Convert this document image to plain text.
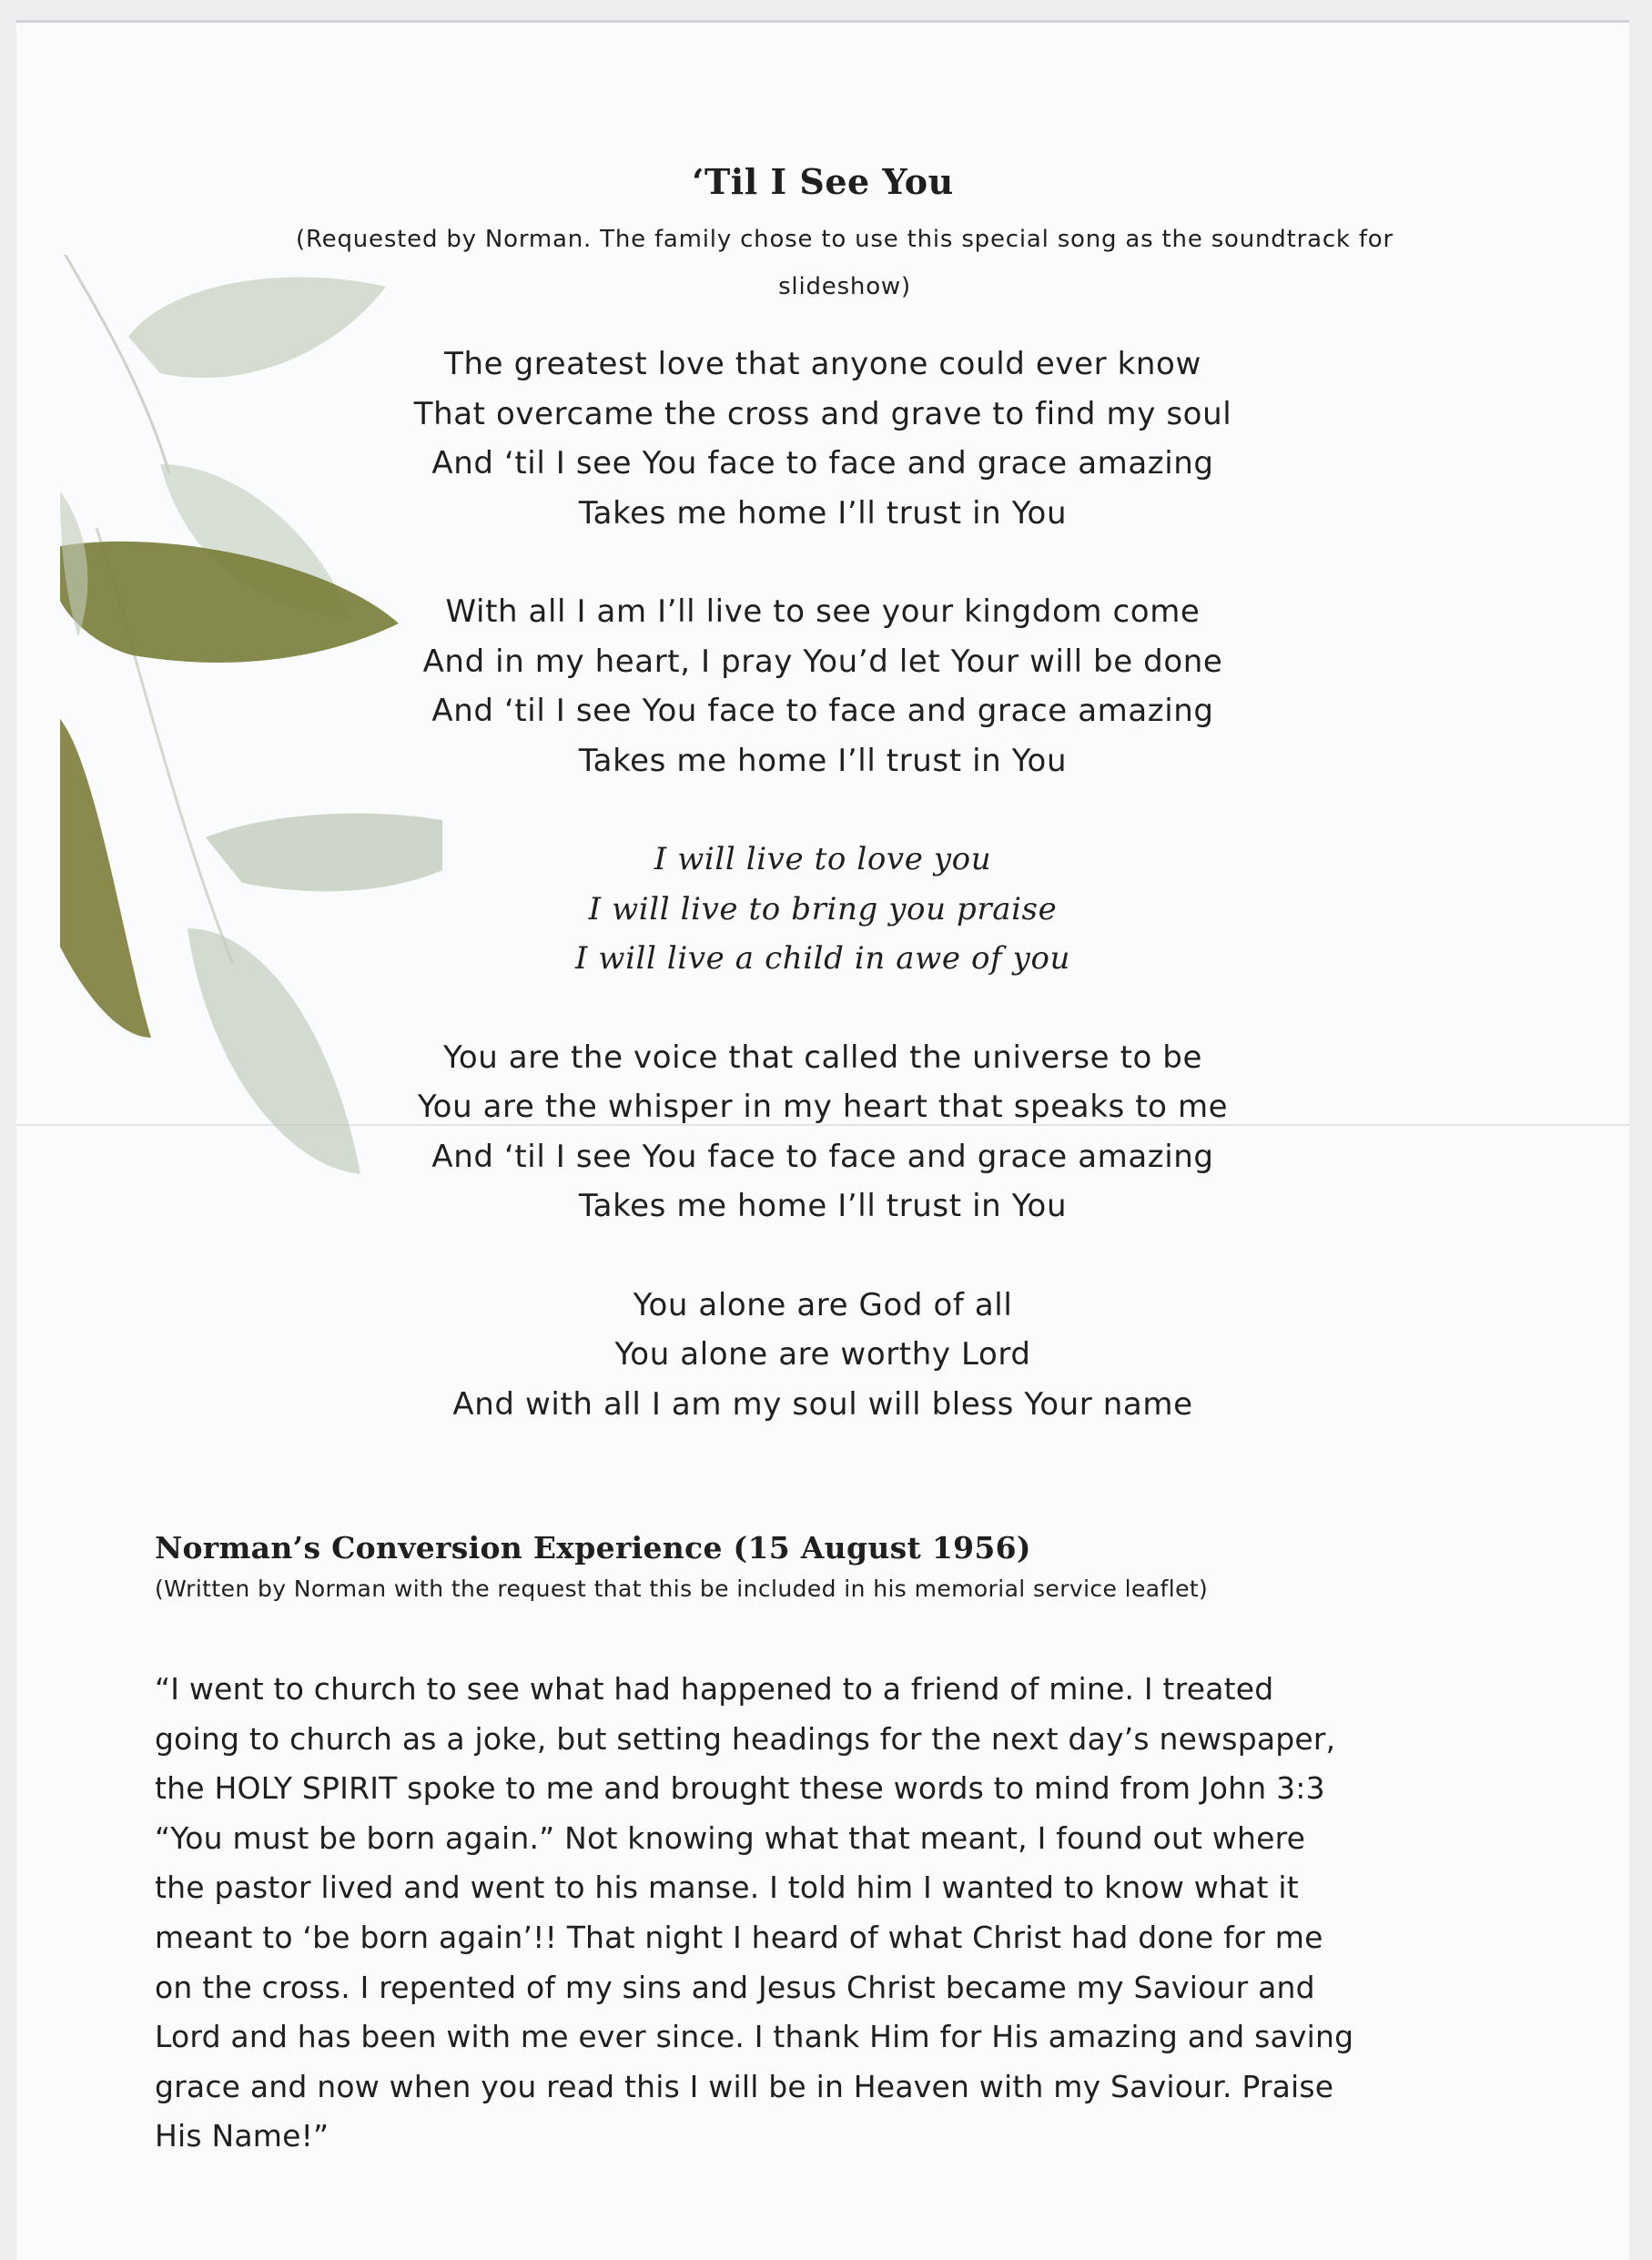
‘Til I See You
(Requested by Norman. The family chose to use this special song as the soundtrack for
slideshow)
The greatest love that anyone could ever know
That overcame the cross and grave to find my soul
And ‘til I see You face to face and grace amazing
Takes me home I’ll trust in You
With all I am I’ll live to see your kingdom come
And in my heart, I pray You’d let Your will be done
And ‘til I see You face to face and grace amazing
Takes me home I’ll trust in You
I will live to love you
I will live to bring you praise
I will live a child in awe of you
You are the voice that called the universe to be
You are the whisper in my heart that speaks to me
And ‘til I see You face to face and grace amazing
Takes me home I’ll trust in You
You alone are God of all
You alone are worthy Lord
And with all I am my soul will bless Your name
Norman’s Conversion Experience (15 August 1956)
(Written by Norman with the request that this be included in his memorial service leaflet)
“I went to church to see what had happened to a friend of mine. I treated
going to church as a joke, but setting headings for the next day’s newspaper,
the HOLY SPIRIT spoke to me and brought these words to mind from John 3:3
“You must be born again.” Not knowing what that meant, I found out where
the pastor lived and went to his manse. I told him I wanted to know what it
meant to ‘be born again’!! That night I heard of what Christ had done for me
on the cross. I repented of my sins and Jesus Christ became my Saviour and
Lord and has been with me ever since. I thank Him for His amazing and saving
grace and now when you read this I will be in Heaven with my Saviour. Praise
His Name!”
